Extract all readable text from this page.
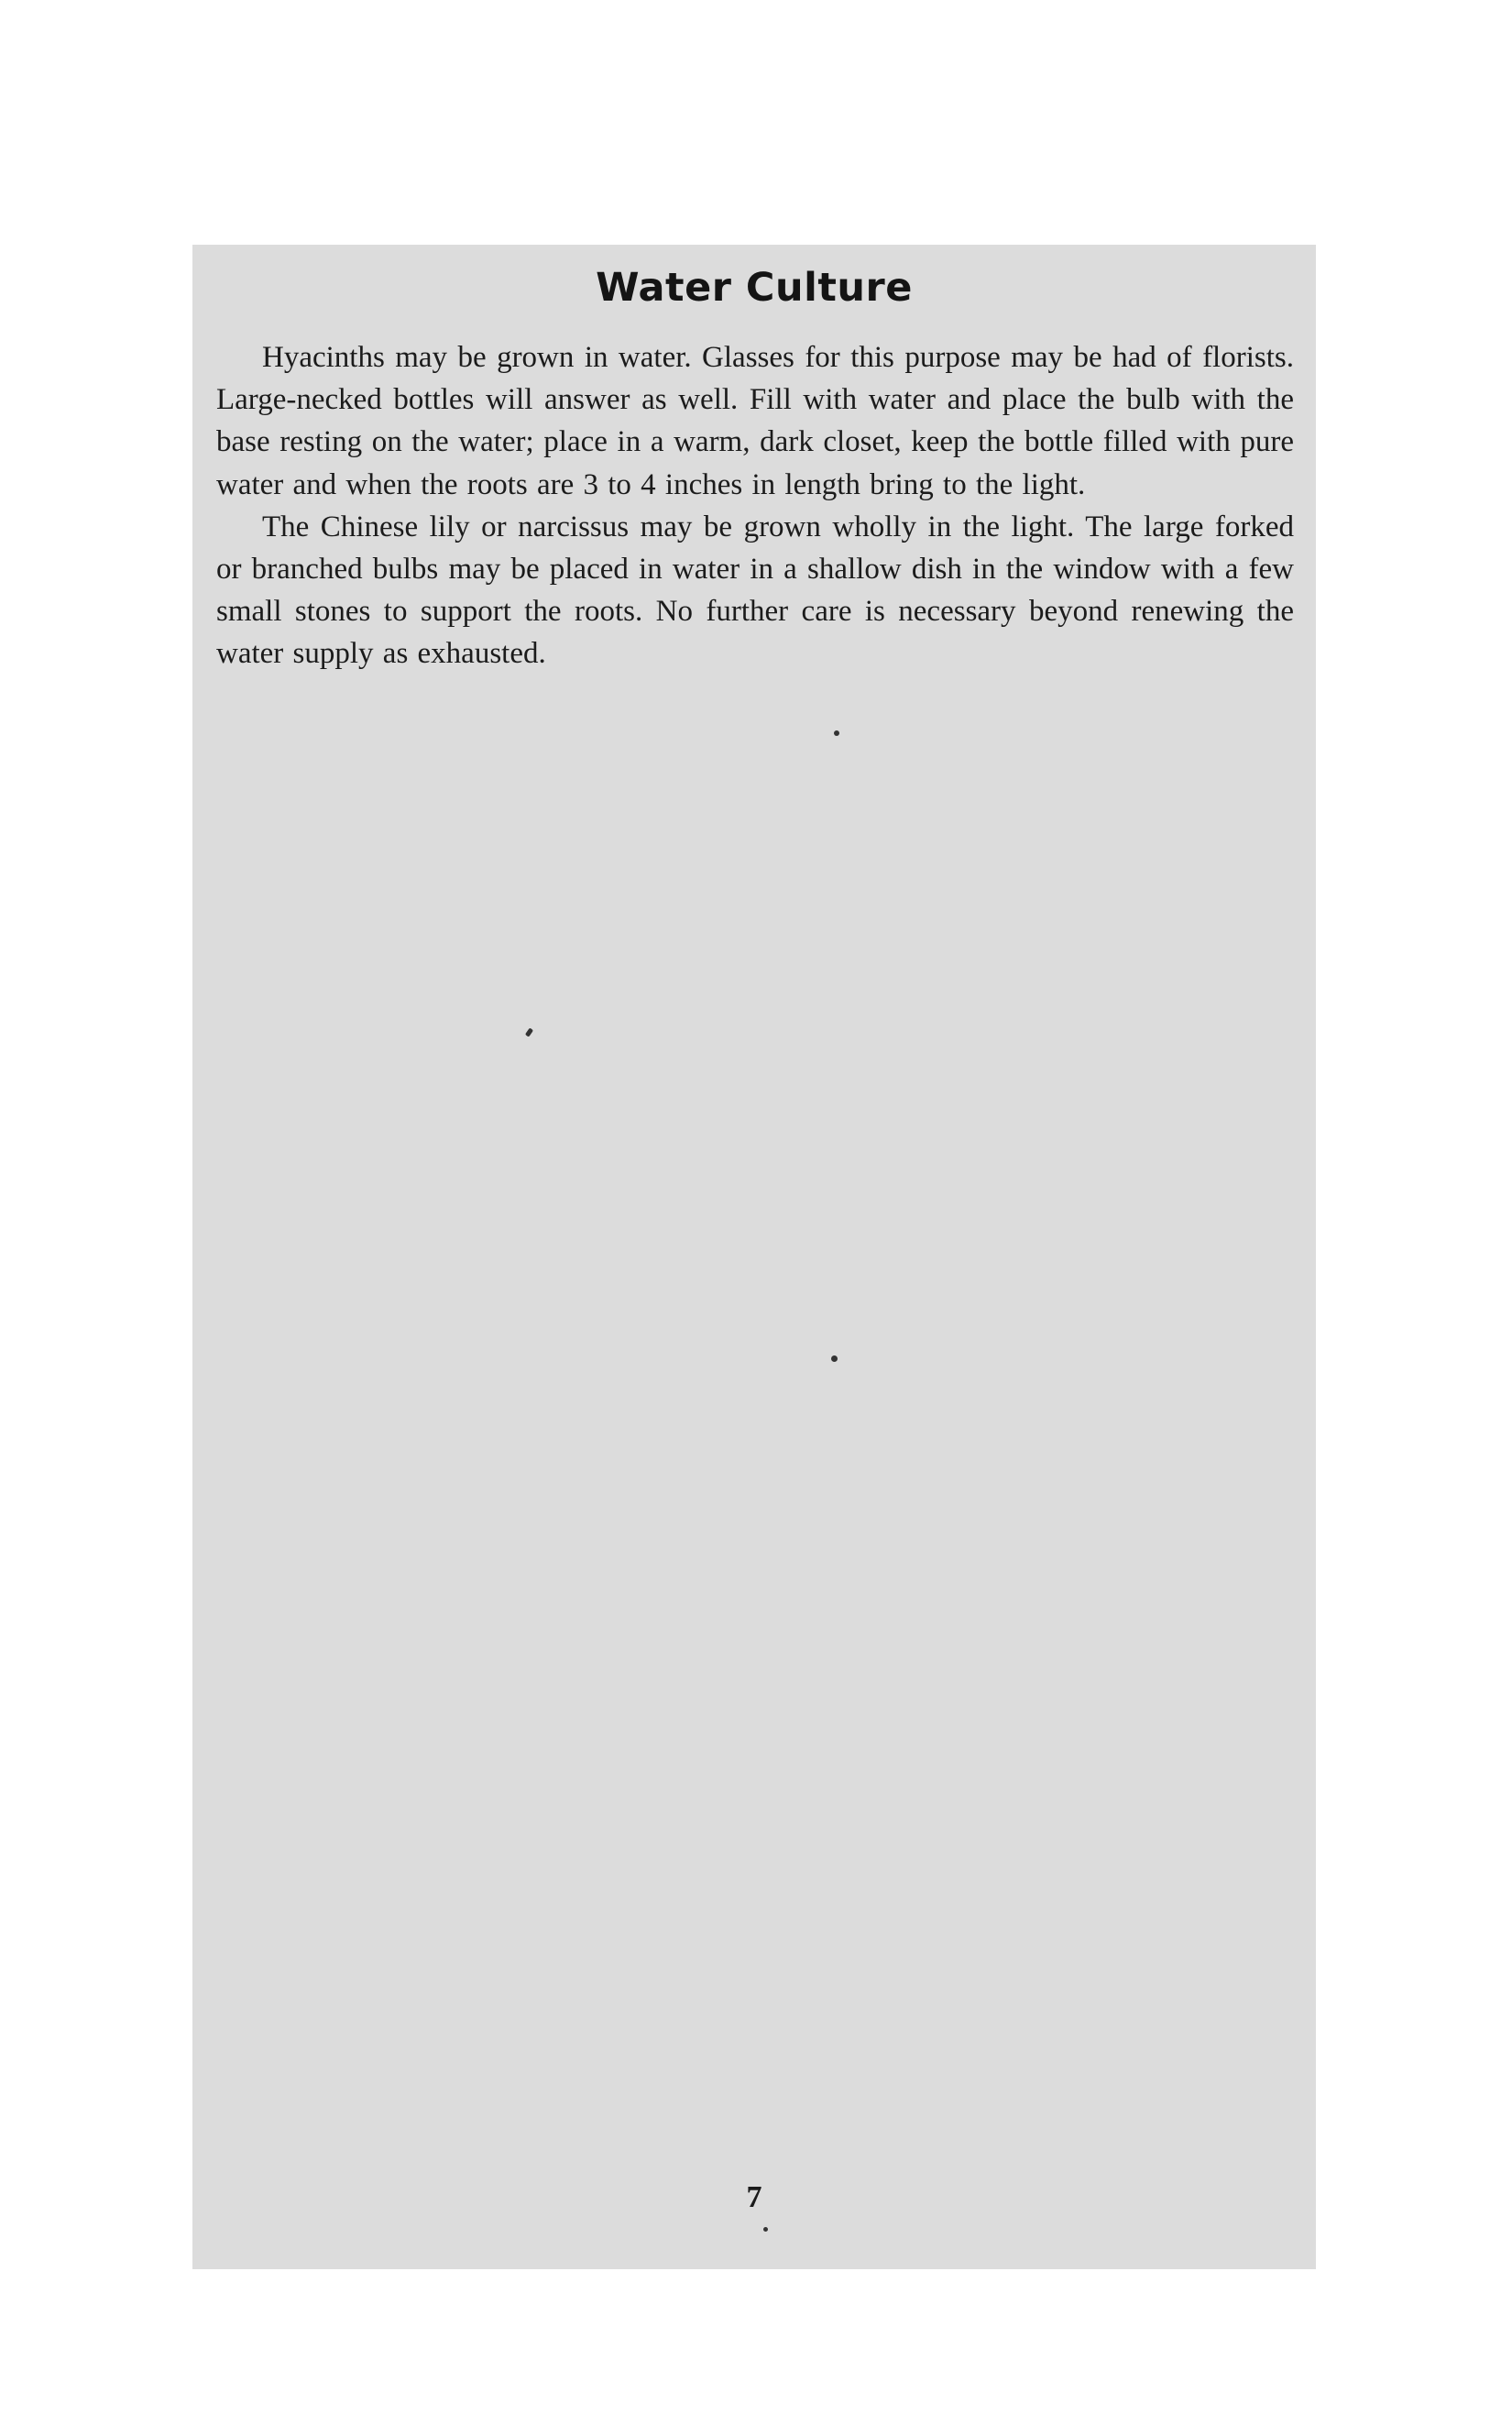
Water Culture

Hyacinths may be grown in water. Glasses for this purpose may be had of florists. Large-necked bottles will answer as well. Fill with water and place the bulb with the base resting on the water; place in a warm, dark closet, keep the bottle filled with pure water and when the roots are 3 to 4 inches in length bring to the light.

The Chinese lily or narcissus may be grown wholly in the light. The large forked or branched bulbs may be placed in water in a shallow dish in the window with a few small stones to support the roots. No further care is necessary beyond renewing the water supply as exhausted.

7
